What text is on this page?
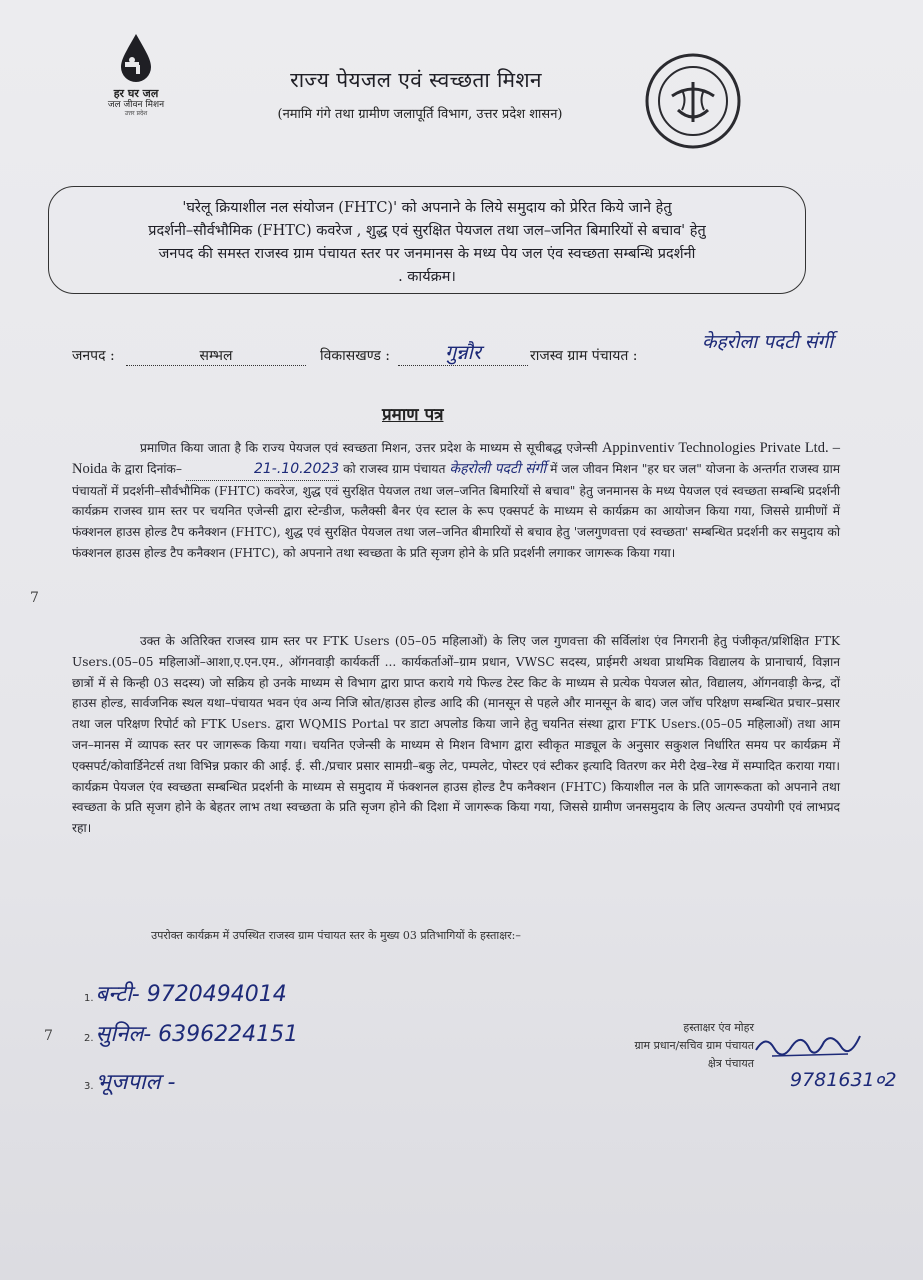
हर घर जल
जल जीवन मिशन
उत्तर प्रदेश
राज्य पेयजल एवं स्वच्छता मिशन
(नमामि गंगे तथा ग्रामीण जलापूर्ति विभाग, उत्तर प्रदेश शासन)
'घरेलू क्रियाशील नल संयोजन (FHTC)' को अपनाने के लिये समुदाय को प्रेरित किये जाने हेतु
प्रदर्शनी–सौर्वभौमिक (FHTC) कवरेज , शुद्ध एवं सुरक्षित पेयजल तथा जल–जनित बिमारियों से बचाव' हेतु
जनपद की समस्त राजस्व ग्राम पंचायत स्तर पर जनमानस के मध्य पेय जल एंव स्वच्छता सम्बन्धि प्रदर्शनी
. कार्यक्रम।
जनपद :	सम्भल	विकासखण्ड :	गुन्नौर	राजस्व ग्राम पंचायत :
केहरोला पदटी संर्गी
प्रमाण पत्र
प्रमाणित किया जाता है कि राज्य पेयजल एवं स्वच्छता मिशन, उत्तर प्रदेश के माध्यम से सूचीबद्ध एजेन्सी Appinventiv Technologies Private Ltd. – Noida के द्वारा दिनांक–	21-.10.2023 को राजस्व ग्राम पंचायत केहरोली पदटी संर्गी में जल जीवन मिशन "हर घर जल" योजना के अन्तर्गत राजस्व ग्राम पंचायतों में प्रदर्शनी–सौर्वभौमिक (FHTC) कवरेज, शुद्ध एवं सुरक्षित पेयजल तथा जल–जनित बिमारियों से बचाव" हेतु जनमानस के मध्य पेयजल एवं स्वच्छता सम्बन्धि प्रदर्शनी कार्यक्रम राजस्व ग्राम स्तर पर चयनित एजेन्सी द्वारा स्टेन्डीज, फलैक्सी बैनर एंव स्टाल के रूप एक्सपर्ट के माध्यम से कार्यक्रम का आयोजन किया गया, जिससे ग्रामीणों में फंक्शनल हाउस होल्ड टैप कनैक्शन (FHTC), शुद्ध एवं सुरक्षित पेयजल तथा जल–जनित बीमारियों से बचाव हेतु 'जलगुणवत्ता एवं स्वच्छता' सम्बन्धित प्रदर्शनी कर समुदाय को फंक्शनल हाउस होल्ड टैप कनैक्शन (FHTC), को अपनाने तथा स्वच्छता के प्रति सृजग होने के प्रति प्रदर्शनी लगाकर जागरूक किया गया।
उक्त के अतिरिक्त राजस्व ग्राम स्तर पर FTK Users (05–05 महिलाओं) के लिए जल गुणवत्ता की सर्विलांश एंव निगरानी हेतु पंजीकृत/प्रशिक्षित FTK Users.(05–05 महिलाओं–आशा,ए.एन.एम., ऑगनवाड़ी कार्यकर्ती ... कार्यकर्ताओं–ग्राम प्रधान, VWSC सदस्य, प्राईमरी अथवा प्राथमिक विद्यालय के प्रानाचार्य, विज्ञान छात्रों में से किन्ही 03 सदस्य) जो सक्रिय हो उनके माध्यम से विभाग द्वारा प्राप्त कराये गये फिल्ड टेस्ट किट के माध्यम से प्रत्येक पेयजल स्रोत, विद्यालय, ऑगनवाड़ी केन्द्र, दों हाउस होल्ड, सार्वजनिक स्थल यथा–पंचायत भवन एंव अन्य निजि स्रोत/हाउस होल्ड आदि की (मानसून से पहले और मानसून के बाद) जल जॉच परिक्षण सम्बन्धित प्रचार–प्रसार तथा जल परिक्षण रिपोर्ट को FTK Users. द्वारा WQMIS Portal पर डाटा अपलोड किया जाने हेतु चयनित संस्था द्वारा FTK Users.(05–05 महिलाओं) तथा आम जन–मानस में व्यापक स्तर पर जागरूक किया गया। चयनित एजेन्सी के माध्यम से मिशन विभाग द्वारा स्वीकृत माड्यूल के अनुसार सकुशल निर्धारित समय पर कार्यक्रम में एक्सपर्ट/कोवार्डिनेटर्स तथा विभिन्न प्रकार की आई. ई. सी./प्रचार प्रसार सामग्री–बकु लेट, पम्पलेट, पोस्टर एवं स्टीकर इत्यादि वितरण कर मेरी देख–रेख में सम्पादित कराया गया। कार्यक्रम पेयजल एंव स्वच्छता सम्बन्धित प्रदर्शनी के माध्यम से समुदाय में फंक्शनल हाउस होल्ड टैप कनैक्शन (FHTC) कियाशील नल के प्रति जागरूकता को अपनाने तथा स्वच्छता के प्रति सृजग होने के बेहतर लाभ तथा स्वच्छता के प्रति सृजग होने की दिशा में जागरूक किया गया, जिससे ग्रामीण जनसमुदाय के लिए अत्यन्त उपयोगी एवं लाभप्रद रहा।
उपरोक्त कार्यक्रम में उपस्थित राजस्व ग्राम पंचायत स्तर के मुख्य 03 प्रतिभागियों के हस्ताक्षर:–
1.बन्टी- 9720494014
2.सुनिल- 6396224151
3.भूजपाल -
हस्ताक्षर एंव मोहर
ग्राम प्रधान/सचिव ग्राम पंचायत
क्षेत्र पंचायत
9781631०2
7
7
